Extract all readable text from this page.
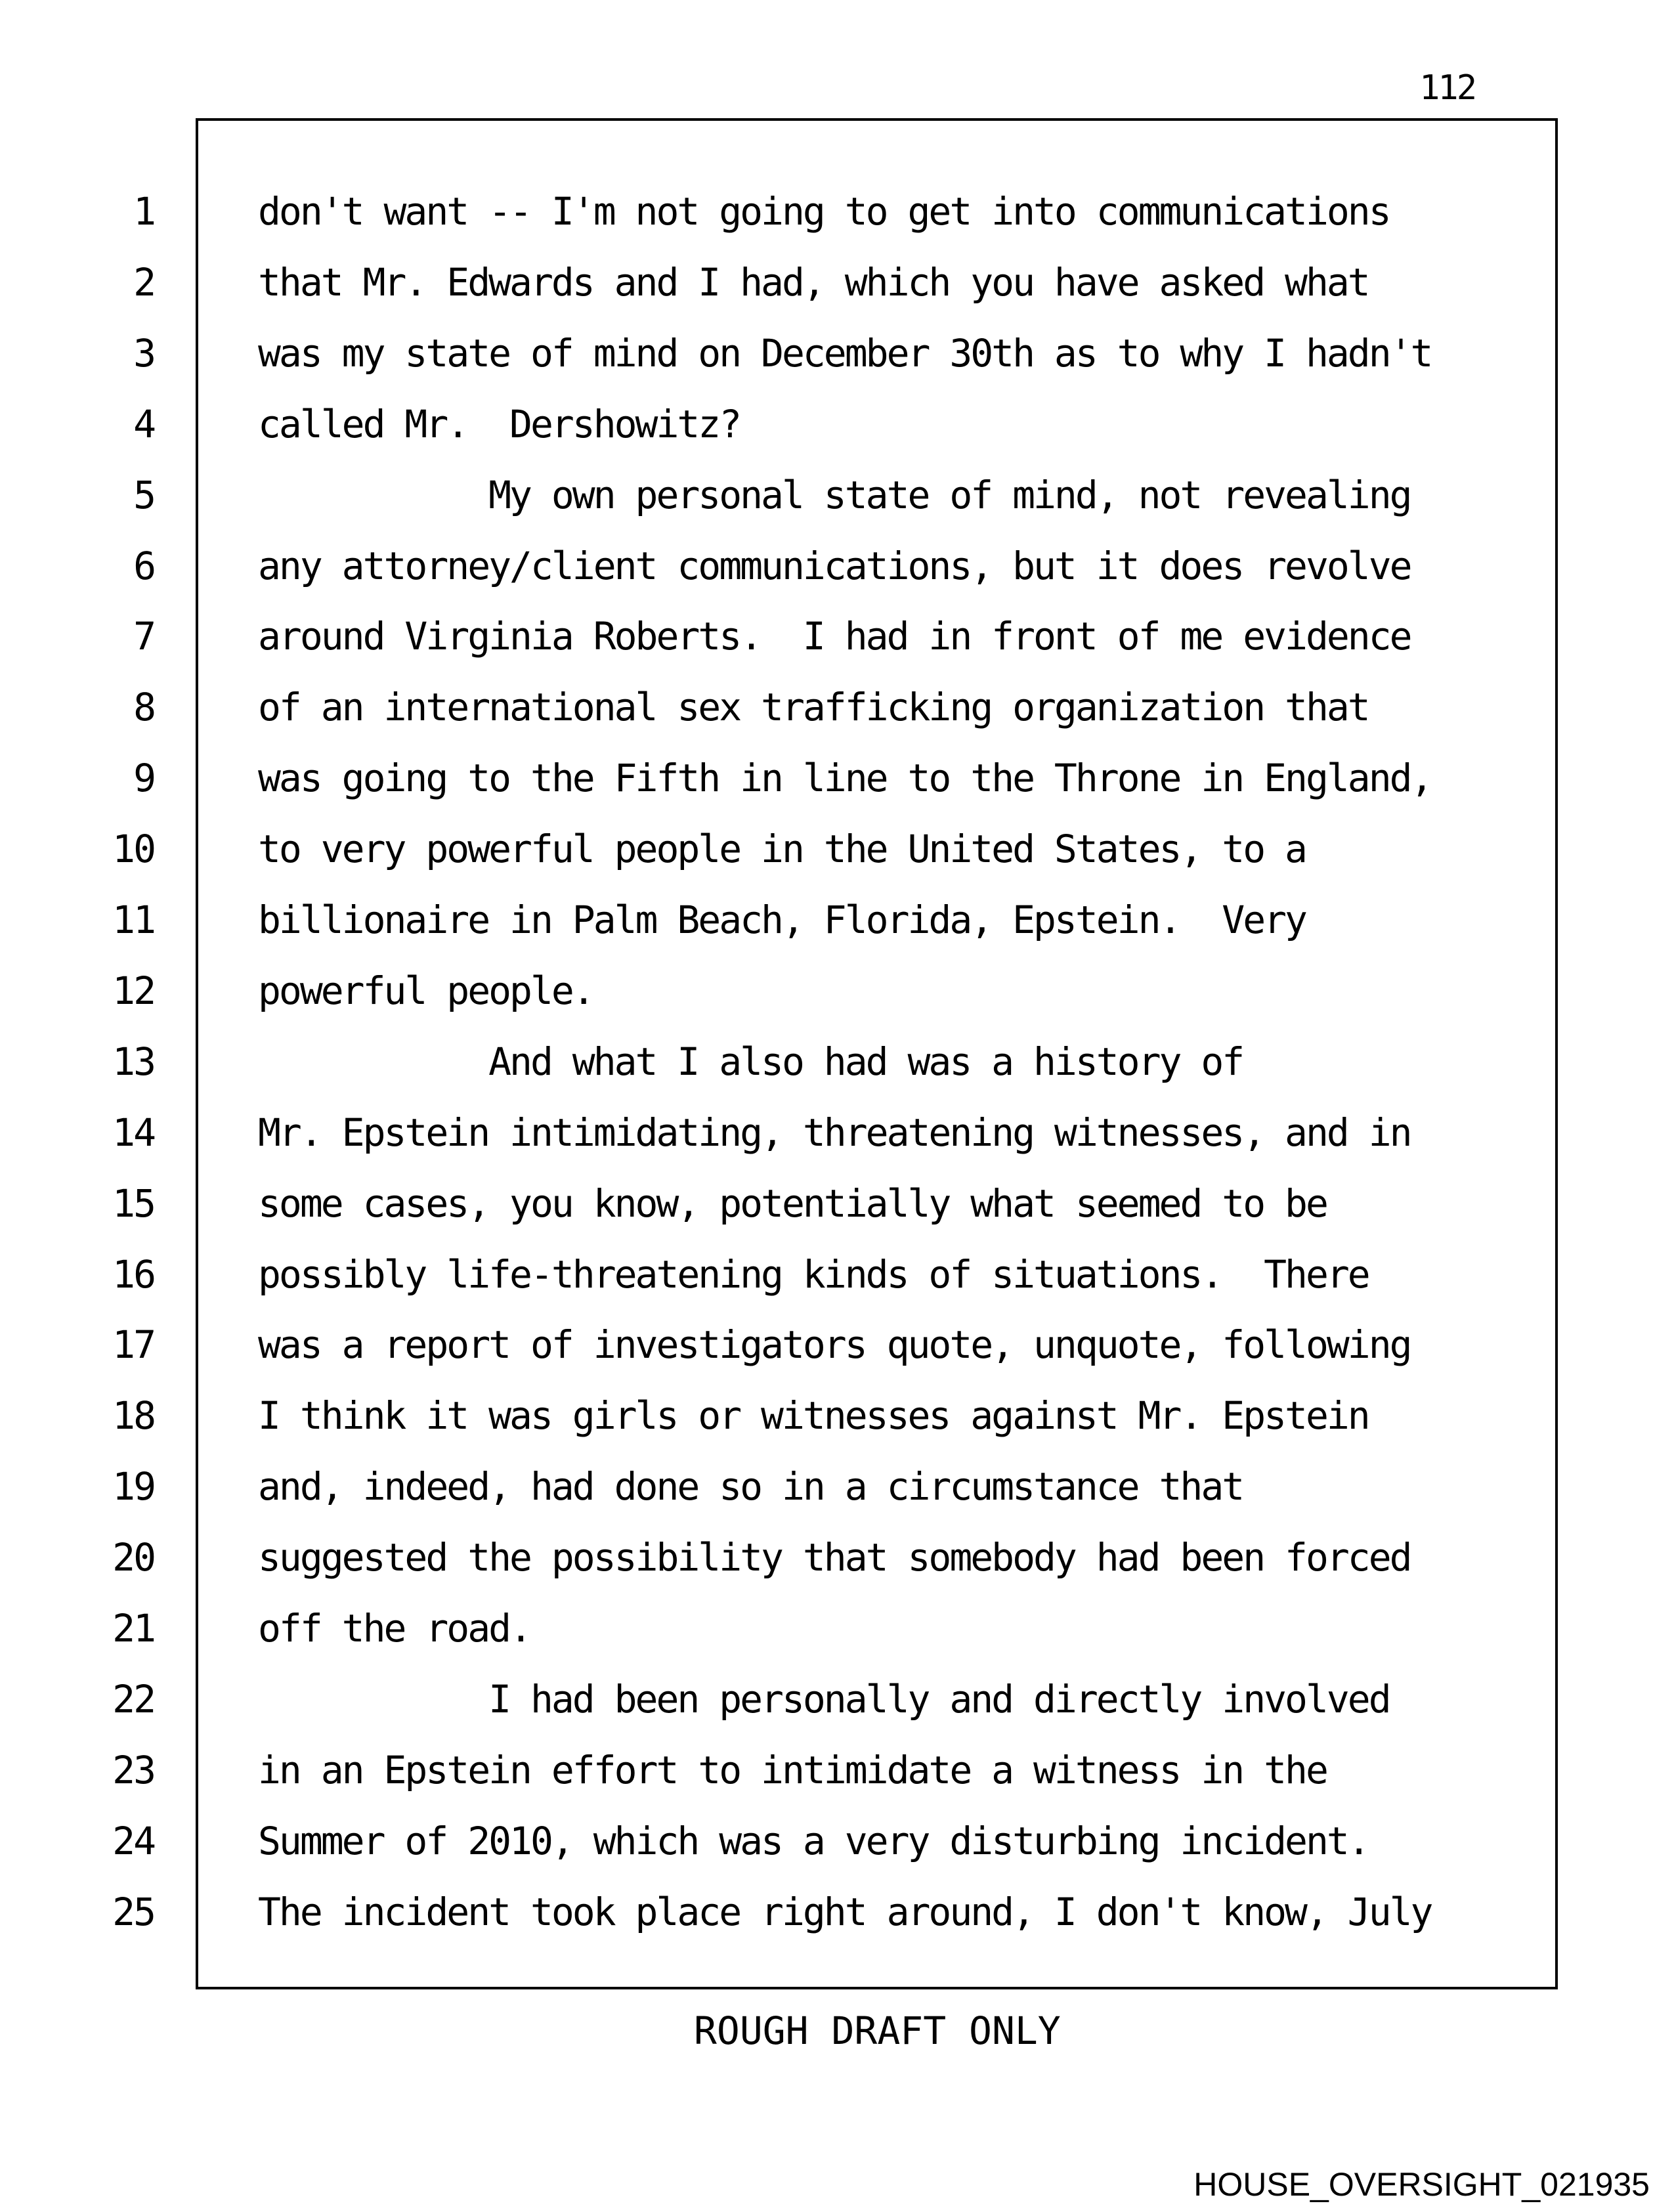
112
1	don't want -- I'm not going to get into communications
2	that Mr. Edwards and I had, which you have asked what
3	was my state of mind on December 30th as to why I hadn't
4	called Mr.  Dershowitz?
5	My own personal state of mind, not revealing
6	any attorney/client communications, but it does revolve
7	around Virginia Roberts.  I had in front of me evidence
8	of an international sex trafficking organization that
9	was going to the Fifth in line to the Throne in England,
10	to very powerful people in the United States, to a
11	billionaire in Palm Beach, Florida, Epstein.  Very
12	powerful people.
13	And what I also had was a history of
14	Mr. Epstein intimidating, threatening witnesses, and in
15	some cases, you know, potentially what seemed to be
16	possibly life-threatening kinds of situations.  There
17	was a report of investigators quote, unquote, following
18	I think it was girls or witnesses against Mr. Epstein
19	and, indeed, had done so in a circumstance that
20	suggested the possibility that somebody had been forced
21	off the road.
22	I had been personally and directly involved
23	in an Epstein effort to intimidate a witness in the
24	Summer of 2010, which was a very disturbing incident.
25	The incident took place right around, I don't know, July
ROUGH DRAFT ONLY
HOUSE_OVERSIGHT_021935
